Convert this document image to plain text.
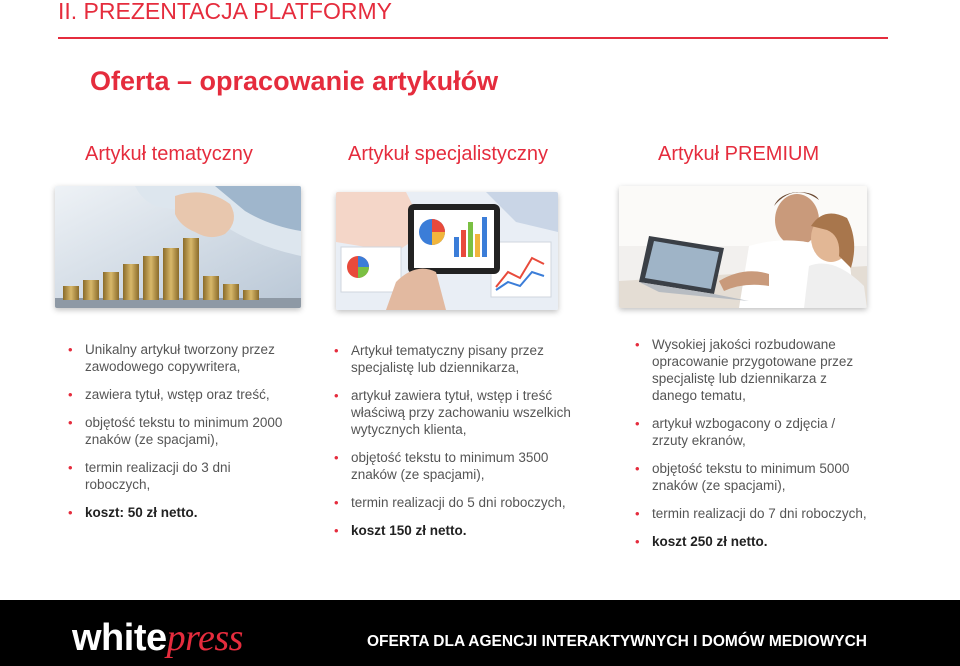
II. PREZENTACJA PLATFORMY
Oferta – opracowanie artykułów
Artykuł tematyczny	Artykuł specjalistyczny	Artykuł PREMIUM
• Unikalny artykuł tworzony przez zawodowego copywritera,
• zawiera tytuł, wstęp oraz treść,
• objętość tekstu to minimum 2000 znaków (ze spacjami),
• termin realizacji do 3 dni roboczych,
• koszt: 50 zł netto.
• Artykuł tematyczny pisany przez specjalistę lub dziennikarza,
• artykuł zawiera tytuł, wstęp i treść właściwą przy zachowaniu wszelkich wytycznych klienta,
• objętość tekstu to minimum 3500 znaków (ze spacjami),
• termin realizacji do 5 dni roboczych,
• koszt 150 zł netto.
• Wysokiej jakości rozbudowane opracowanie przygotowane przez specjalistę lub dziennikarza z danego tematu,
• artykuł wzbogacony o zdjęcia / zrzuty ekranów,
• objętość tekstu to minimum 5000 znaków (ze spacjami),
• termin realizacji do 7 dni roboczych,
• koszt 250 zł netto.
whitepress	OFERTA DLA AGENCJI INTERAKTYWNYCH I DOMÓW MEDIOWYCH
